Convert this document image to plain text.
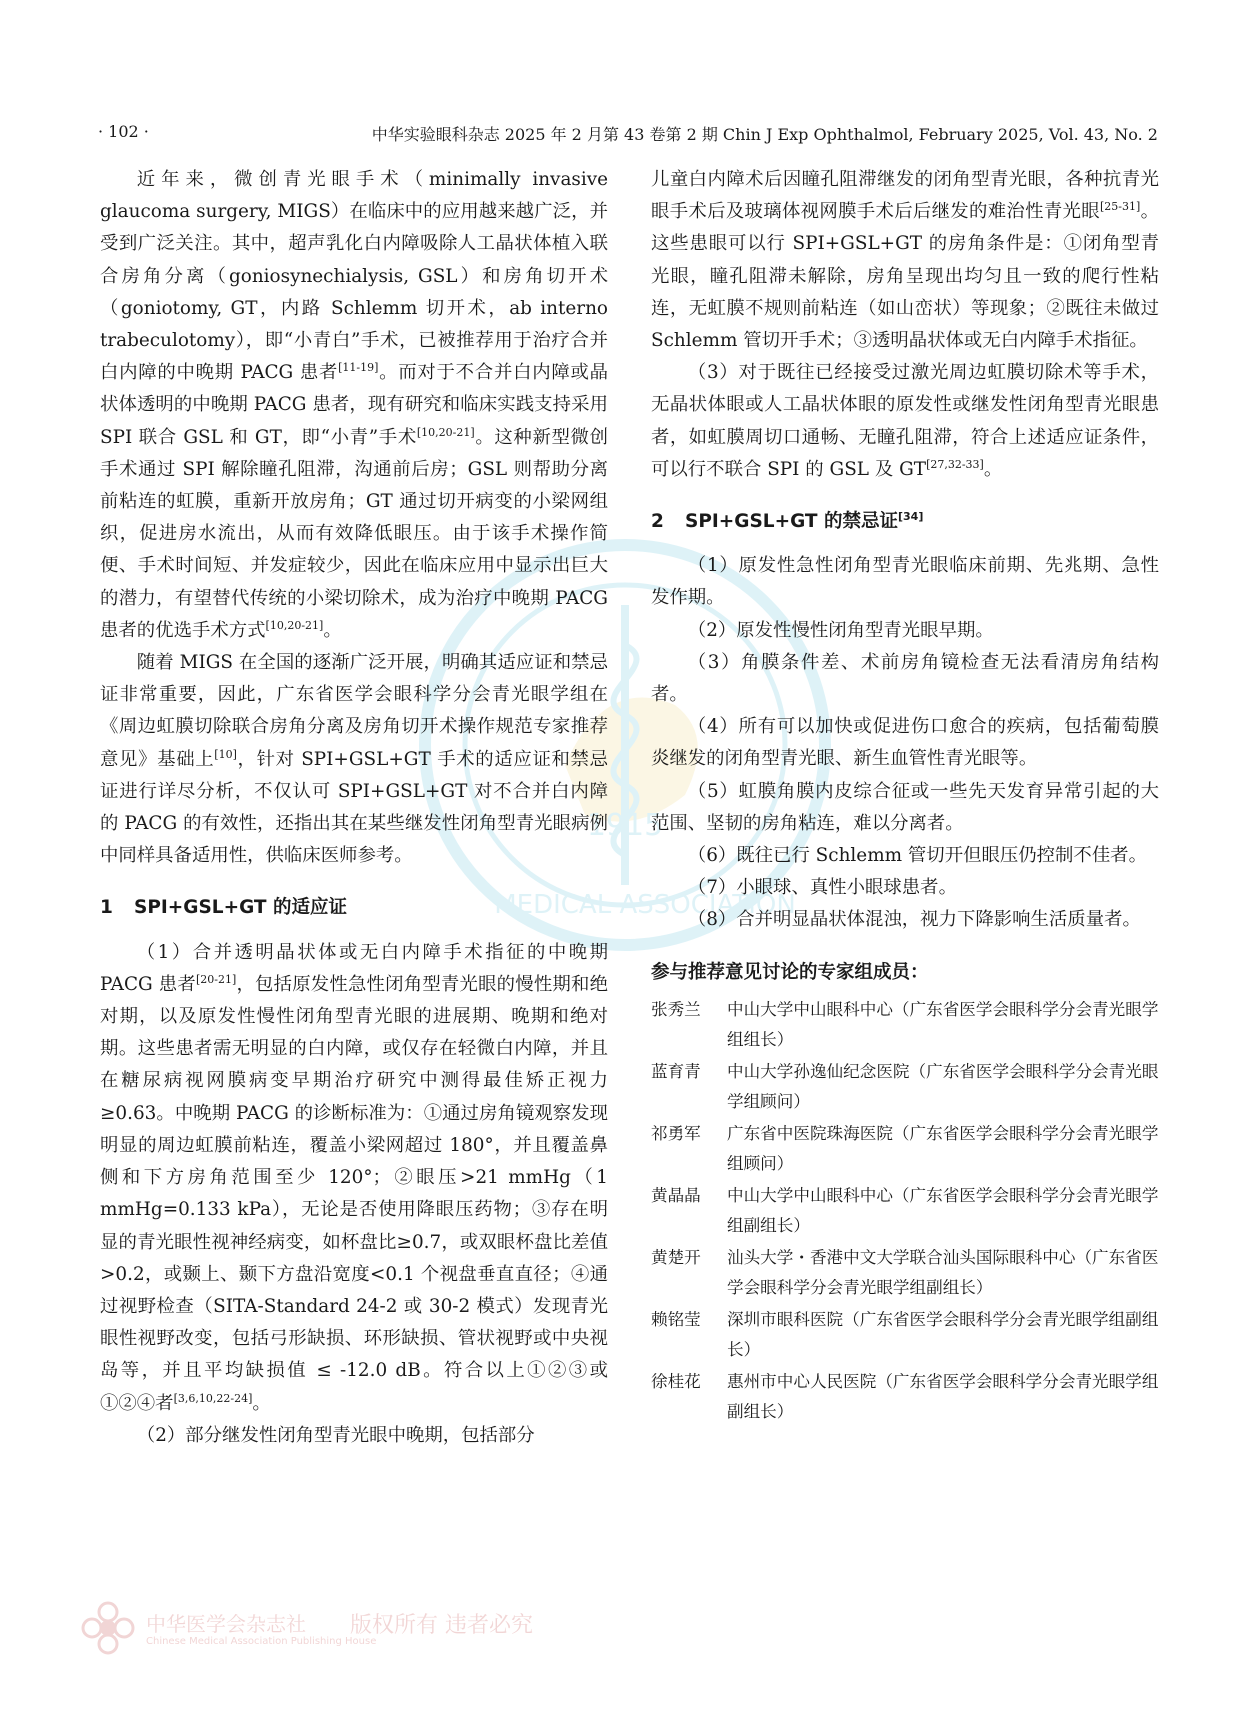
· 102 ·	中华实验眼科杂志 2025 年 2 月第 43 卷第 2 期 Chin J Exp Ophthalmol, February 2025, Vol. 43, No. 2
1915
MEDICAL ASSOCIATION

近年来，微创青光眼手术（minimally invasive glaucoma surgery, MIGS）在临床中的应用越来越广泛，并受到广泛关注。其中，超声乳化白内障吸除人工晶状体植入联合房角分离（goniosynechialysis, GSL）和房角切开术（goniotomy, GT，内路 Schlemm 切开术，ab interno trabeculotomy），即“小青白”手术，已被推荐用于治疗合并白内障的中晚期 PACG 患者[11-19]。而对于不合并白内障或晶状体透明的中晚期 PACG 患者，现有研究和临床实践支持采用 SPI 联合 GSL 和 GT，即“小青”手术[10,20-21]。这种新型微创手术通过 SPI 解除瞳孔阻滞，沟通前后房；GSL 则帮助分离前粘连的虹膜，重新开放房角；GT 通过切开病变的小梁网组织，促进房水流出，从而有效降低眼压。由于该手术操作简便、手术时间短、并发症较少，因此在临床应用中显示出巨大的潜力，有望替代传统的小梁切除术，成为治疗中晚期 PACG 患者的优选手术方式[10,20-21]。

随着 MIGS 在全国的逐渐广泛开展，明确其适应证和禁忌证非常重要，因此，广东省医学会眼科学分会青光眼学组在《周边虹膜切除联合房角分离及房角切开术操作规范专家推荐意见》基础上[10]，针对 SPI+GSL+GT 手术的适应证和禁忌证进行详尽分析，不仅认可 SPI+GSL+GT 对不合并白内障的 PACG 的有效性，还指出其在某些继发性闭角型青光眼病例中同样具备适用性，供临床医师参考。

1 SPI+GSL+GT 的适应证

（1）合并透明晶状体或无白内障手术指征的中晚期 PACG 患者[20-21]，包括原发性急性闭角型青光眼的慢性期和绝对期，以及原发性慢性闭角型青光眼的进展期、晚期和绝对期。这些患者需无明显的白内障，或仅存在轻微白内障，并且在糖尿病视网膜病变早期治疗研究中测得最佳矫正视力≥0.63。中晚期 PACG 的诊断标准为：①通过房角镜观察发现明显的周边虹膜前粘连，覆盖小梁网超过 180°，并且覆盖鼻侧和下方房角范围至少 120°；②眼压>21 mmHg（1 mmHg=0.133 kPa），无论是否使用降眼压药物；③存在明显的青光眼性视神经病变，如杯盘比≥0.7，或双眼杯盘比差值>0.2，或颞上、颞下方盘沿宽度<0.1 个视盘垂直直径；④通过视野检查（SITA-Standard 24-2 或 30-2 模式）发现青光眼性视野改变，包括弓形缺损、环形缺损、管状视野或中央视岛等，并且平均缺损值 ≤ -12.0 dB。符合以上①②③或①②④者[3,6,10,22-24]。

（2）部分继发性闭角型青光眼中晚期，包括部分

儿童白内障术后因瞳孔阻滞继发的闭角型青光眼，各种抗青光眼手术后及玻璃体视网膜手术后后继发的难治性青光眼[25-31]。这些患眼可以行 SPI+GSL+GT 的房角条件是：①闭角型青光眼，瞳孔阻滞未解除，房角呈现出均匀且一致的爬行性粘连，无虹膜不规则前粘连（如山峦状）等现象；②既往未做过 Schlemm 管切开手术；③透明晶状体或无白内障手术指征。

（3）对于既往已经接受过激光周边虹膜切除术等手术，无晶状体眼或人工晶状体眼的原发性或继发性闭角型青光眼患者，如虹膜周切口通畅、无瞳孔阻滞，符合上述适应证条件，可以行不联合 SPI 的 GSL 及 GT[27,32-33]。

2 SPI+GSL+GT 的禁忌证[34]

（1）原发性急性闭角型青光眼临床前期、先兆期、急性发作期。

（2）原发性慢性闭角型青光眼早期。

（3）角膜条件差、术前房角镜检查无法看清房角结构者。

（4）所有可以加快或促进伤口愈合的疾病，包括葡萄膜炎继发的闭角型青光眼、新生血管性青光眼等。

（5）虹膜角膜内皮综合征或一些先天发育异常引起的大范围、坚韧的房角粘连，难以分离者。

（6）既往已行 Schlemm 管切开但眼压仍控制不佳者。

（7）小眼球、真性小眼球患者。

（8）合并明显晶状体混浊，视力下降影响生活质量者。

参与推荐意见讨论的专家组成员：
张秀兰	中山大学中山眼科中心（广东省医学会眼科学分会青光眼学组组长）
蓝育青	中山大学孙逸仙纪念医院（广东省医学会眼科学分会青光眼学组顾问）
祁勇军	广东省中医院珠海医院（广东省医学会眼科学分会青光眼学组顾问）
黄晶晶	中山大学中山眼科中心（广东省医学会眼科学分会青光眼学组副组长）
黄楚开	汕头大学・香港中文大学联合汕头国际眼科中心（广东省医学会眼科学分会青光眼学组副组长）
赖铭莹	深圳市眼科医院（广东省医学会眼科学分会青光眼学组副组长）
徐桂花	惠州市中心人民医院（广东省医学会眼科学分会青光眼学组副组长）
中华医学会杂志社
Chinese Medical Association Publishing House
版权所有 违者必究
